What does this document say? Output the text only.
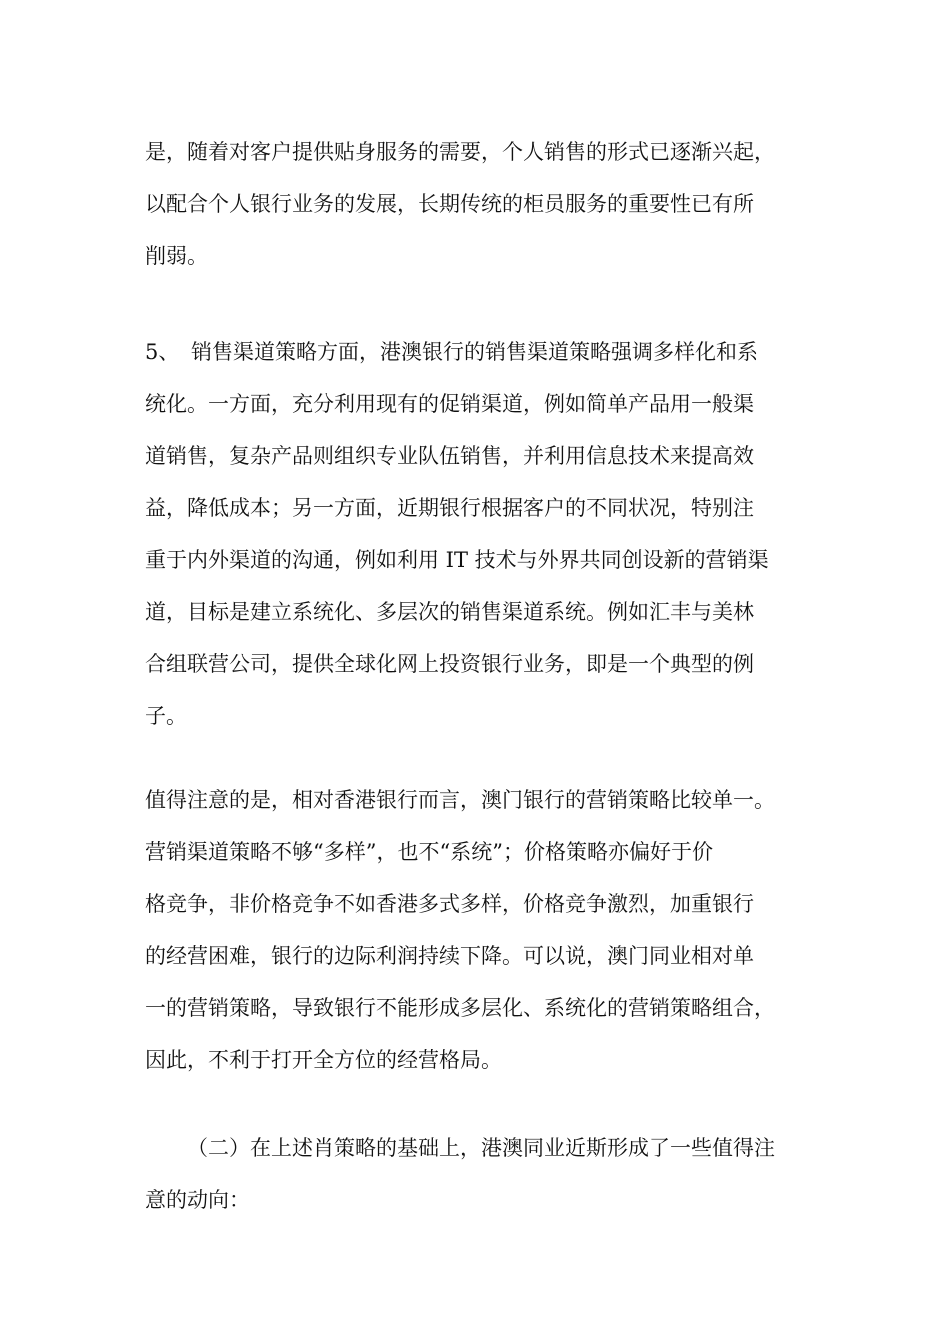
是，随着对客户提供贴身服务的需要，个人销售的形式已逐渐兴起，
以配合个人银行业务的发展，长期传统的柜员服务的重要性已有所
削弱。
5、 销售渠道策略方面，港澳银行的销售渠道策略强调多样化和系
统化。一方面，充分利用现有的促销渠道，例如简单产品用一般渠
道销售，复杂产品则组织专业队伍销售，并利用信息技术来提高效
益，降低成本；另一方面，近期银行根据客户的不同状况，特别注
重于内外渠道的沟通，例如利用 IT 技术与外界共同创设新的营销渠
道，目标是建立系统化、多层次的销售渠道系统。例如汇丰与美林
合组联营公司，提供全球化网上投资银行业务，即是一个典型的例
子。
值得注意的是，相对香港银行而言，澳门银行的营销策略比较单一。
营销渠道策略不够“多样”，也不“系统”；价格策略亦偏好于价
格竞争，非价格竞争不如香港多式多样，价格竞争激烈，加重银行
的经营困难，银行的边际利润持续下降。可以说，澳门同业相对单
一的营销策略，导致银行不能形成多层化、系统化的营销策略组合，
因此，不利于打开全方位的经营格局。
（二）在上述肖策略的基础上，港澳同业近斯形成了一些值得注
意的动向：
